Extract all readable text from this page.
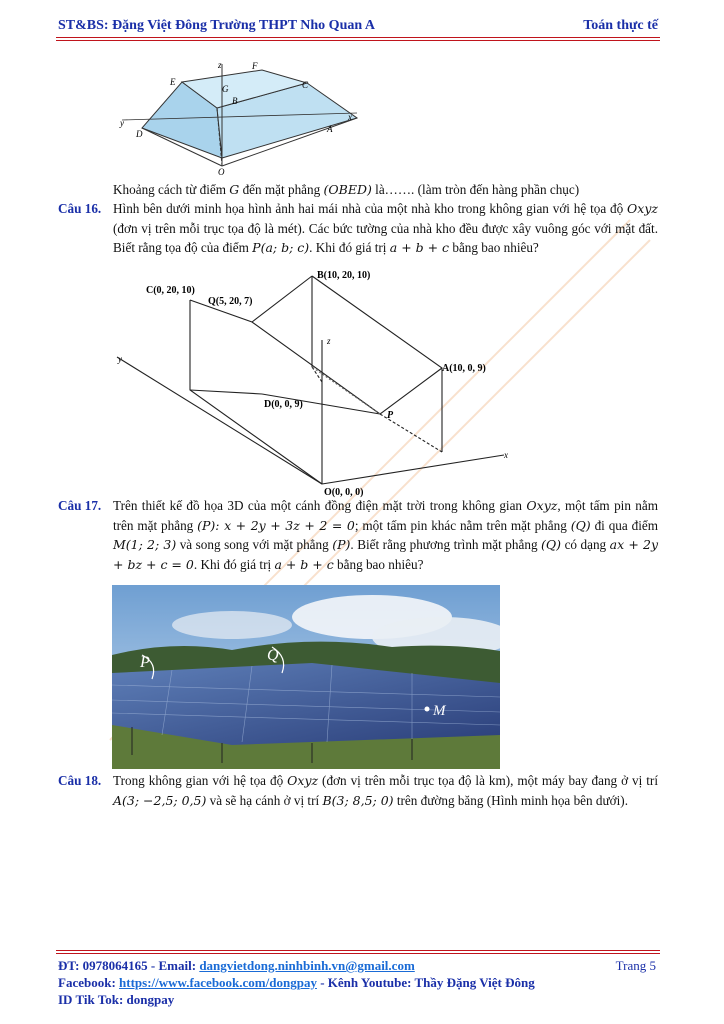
ST&BS: Đặng Việt Đông Trường THPT Nho Quan A	Toán thực tế
z	F
E
G	C
B
y
D
x
A
O
Khoảng cách từ điểm G đến mặt phẳng (OBED) là……. (làm tròn đến hàng phần chục)
Câu 16. Hình bên dưới minh họa hình ảnh hai mái nhà của một nhà kho trong không gian với hệ tọa độ Oxyz (đơn vị trên mỗi trục tọa độ là mét). Các bức tường của nhà kho đều được xây vuông góc với mặt đất. Biết rằng tọa độ của điểm P(a; b; c). Khi đó giá trị a + b + c bằng bao nhiêu?
B(10, 20, 10)
C(0, 20, 10)
Q(5, 20, 7)
z
y
A(10, 0, 9)
D(0, 0, 9)
P
x
O(0, 0, 0)
Câu 17. Trên thiết kế đồ họa 3D của một cánh đồng điện mặt trời trong không gian Oxyz, một tấm pin nằm trên mặt phẳng (P): x + 2y + 3z + 2 = 0; một tấm pin khác nằm trên mặt phẳng (Q) đi qua điểm M(1; 2; 3) và song song với mặt phẳng (P). Biết rằng phương trình mặt phẳng (Q) có dạng ax + 2y + bz + c = 0. Khi đó giá trị a + b + c bằng bao nhiêu?
P	Q
M
Câu 18. Trong không gian với hệ tọa độ Oxyz (đơn vị trên mỗi trục tọa độ là km), một máy bay đang ở vị trí A(3; −2,5; 0,5) và sẽ hạ cánh ở vị trí B(3; 8,5; 0) trên đường băng (Hình minh họa bên dưới).
ĐT: 0978064165 - Email: dangvietdong.ninhbinh.vn@gmail.com	Trang 5
Facebook: https://www.facebook.com/dongpay - Kênh Youtube: Thầy Đặng Việt Đông
ID Tik Tok: dongpay
